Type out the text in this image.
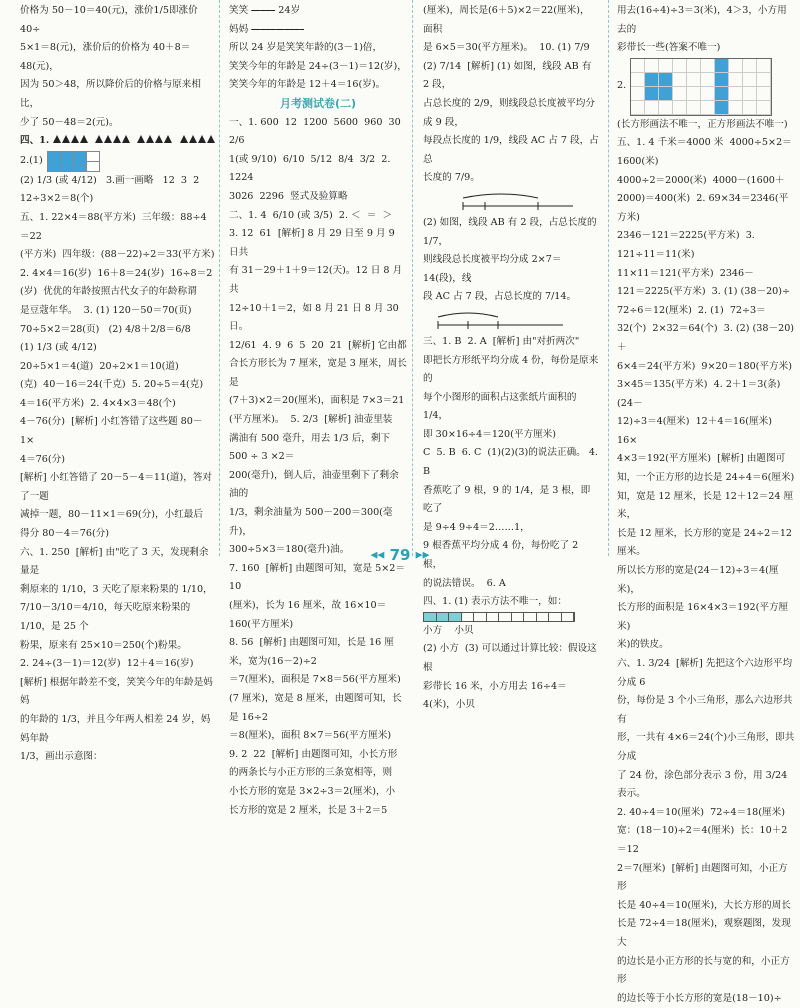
价格为 50－10＝40(元)，涨价1/5即涨价 40÷

5×1＝8(元)，涨价后的价格为 40＋8＝48(元)，

因为 50＞48，所以降价后的价格与原来相比，

少了 50－48＝2(元)。

四、1.

2.(1)

(2) 1/3 (或 4/12)   3.画一画略   12  3  2

12÷3×2＝8(个)

五、1. 22×4＝88(平方米)  三年级：88÷4＝22

(平方米)  四年级：(88－22)÷2＝33(平方米)

2. 4×4＝16(岁)  16＋8＝24(岁)  16÷8＝2

(岁)  优优的年龄按照古代女子的年龄称谓

是豆蔻年华。  3. (1) 120－50＝70(页)

70÷5×2＝28(页)   (2) 4/8＋2/8＝6/8

(1) 1/3 (或 4/12)

20÷5×1＝4(道)  20÷2×1＝10(道)

(克)  40－16＝24(千克)  5. 20÷5＝4(克)

4＝16(平方米)  2. 4×4×3＝48(个)

4－76(分)  [解析] 小红答错了这些题 80－1×

4＝76(分)

[解析] 小红答错了 20－5－4＝11(道)，答对了一题

减掉一题，80－11×1＝69(分)，小红最后

得分 80－4＝76(分)

六、1. 250  [解析] 由"吃了 3 天，发现剩余量是

剩原来的 1/10，3 天吃了原来粉果的 1/10，

7/10－3/10＝4/10，每天吃原来粉果的 1/10，是 25 个

粉果，原来有 25×10＝250(个)粉果。

2. 24÷(3－1)＝12(岁)  12＋4＝16(岁)

[解析] 根据年龄差不变，笑笑今年的年龄是妈妈

的年龄的 1/3，并且今年两人相差 24 岁，妈妈年龄

1/3，画出示意图：

笑笑 ⎯⎯⎯⎯⎯ 24岁

妈妈 ⎯⎯⎯⎯⎯⎯⎯⎯⎯⎯⎯

所以 24 岁是笑笑年龄的(3－1)倍，

笑笑今年的年龄是 24÷(3－1)＝12(岁)，

笑笑今年的年龄是 12＋4＝16(岁)。

月考测试卷(二)

一、1. 600  12  1200  5600  960  30  2/6

1(或 9/10)  6/10  5/12  8/4  3/2  2. 1224

3026  2296  竖式及验算略

二、1. 4  6/10 (或 3/5)  2. ＜  ＝  ＞

3. 12  61  [解析] 8 月 29 日至 9 月 9 日共

有 31－29＋1＋9＝12(天)。12 日 8 月共

12÷10＋1＝2，如 8 月 21 日 8 月 30 日。

12/61  4. 9  6  5  20  21  [解析] 它由都

合长方形长为 7 厘米，宽是 3 厘米，周长是

(7＋3)×2＝20(厘米)，面积是 7×3＝21

(平方厘米)。  5. 2/3  [解析] 油壶里装

满油有 500 毫升，用去 1/3 后，剩下 500 ÷ 3 ×2＝

200(毫升)，倒人后，油壶里剩下了剩余油的

1/3，剩余油量为 500－200＝300(毫升)，

300÷5×3＝180(毫升)油。

7. 160  [解析] 由题图可知，宽是 5×2＝10

(厘米)，长为 16 厘米，故 16×10＝160(平方厘米)

8. 56  [解析] 由题图可知，长是 16 厘米，宽为(16－2)÷2

＝7(厘米)，面积是 7×8＝56(平方厘米)

(7 厘米)，宽是 8 厘米，由题图可知，长是 16÷2

＝8(厘米)，面积 8×7＝56(平方厘米)

9. 2  22  [解析] 由题图可知，小长方形

的两条长与小正方形的三条宽相等，则

小长方形的宽是 3×2÷3＝2(厘米)，小

长方形的宽是 2 厘米，长是 3＋2＝5

(厘米)，周长是(6＋5)×2＝22(厘米)，面积

是 6×5＝30(平方厘米)。  10. (1) 7/9

(2) 7/14  [解析] (1) 如图，线段 AB 有 2 段，

占总长度的 2/9，则线段总长度被平均分成 9 段，

每段点长度的 1/9，线段 AC 占 7 段，占总

长度的 7/9。

(2) 如图，线段 AB 有 2 段，占总长度的 1/7，

则线段总长度被平均分成 2×7＝14(段)，线

段 AC 占 7 段，占总长度的 7/14。

三、1. B  2. A  [解析] 由"对折两次"

即把长方形纸平均分成 4 份，每份是原来的

每个小图形的面积占这张纸片面积的 1/4，

即 30×16÷4＝120(平方厘米)

C  5. B  6. C  (1)(2)(3)的说法正确。 4. B

香蕉吃了 9 根，9 的 1/4，是 3 根，即吃了

是 9÷4 9÷4＝2……1，

9 根香蕉平均分成 4 份，每份吃了 2 根，

的说法错误。  6. A

四、1. (1) 表示方法不唯一，如：

小方    小贝

(2) 小方  (3) 可以通过计算比较：假设这根

彩带长 16 米，小方用去 16÷4＝4(米)，小贝

用去(16÷4)÷3＝3(米)，4＞3，小方用去的

彩带长一些(答案不唯一)

2.

(长方形画法不唯一，正方形画法不唯一)

五、1. 4 千米＝4000 米  4000÷5×2＝1600(米)

4000÷2＝2000(米)  4000－(1600＋

2000)＝400(米)  2. 69×34＝2346(平方米)

2346－121＝2225(平方米)  3. 121÷11＝11(米)

11×11＝121(平方米)  2346－

121＝2225(平方米)  3. (1) (38－20)÷

72÷6＝12(厘米)  2. (1)  72÷3＝

32(个)  2×32＝64(个)  3. (2) (38－20)＋

6×4＝24(平方米)  9×20＝180(平方米)

3×45＝135(平方米)  4. 2＋1＝3(条)  (24－

12)÷3＝4(厘米)  12＋4＝16(厘米)  16×

4×3＝192(平方厘米)  [解析] 由题图可

知，一个正方形的边长是 24÷4＝6(厘米)

知，宽是 12 厘米，长是 12＋12＝24 厘米，

长是 12 厘米，长方形的宽是 24÷2＝12 厘米。

所以长方形的宽是(24－12)÷3＝4(厘米)，

长方形的面积是 16×4×3＝192(平方厘米)

米)的铁皮。

六、1. 3/24  [解析] 先把这个六边形平均分成 6

份，每份是 3 个小三角形，那么六边形共有

形，一共有 4×6＝24(个)小三角形，即共分成

了 24 份，涂色部分表示 3 份，用 3/24 表示。

2. 40÷4＝10(厘米)  72÷4＝18(厘米)

宽：(18－10)÷2＝4(厘米)  长：10＋2＝12

2＝7(厘米)  [解析] 由题图可知，小正方形

长是 40÷4＝10(厘米)，大长方形的周长

长是 72÷4＝18(厘米)，观察题图，发现大

的边长是小正方形的长与宽的和，小正方形

的边长等于小长方形的宽是(18－10)÷

◀◀ 79 ▶▶
